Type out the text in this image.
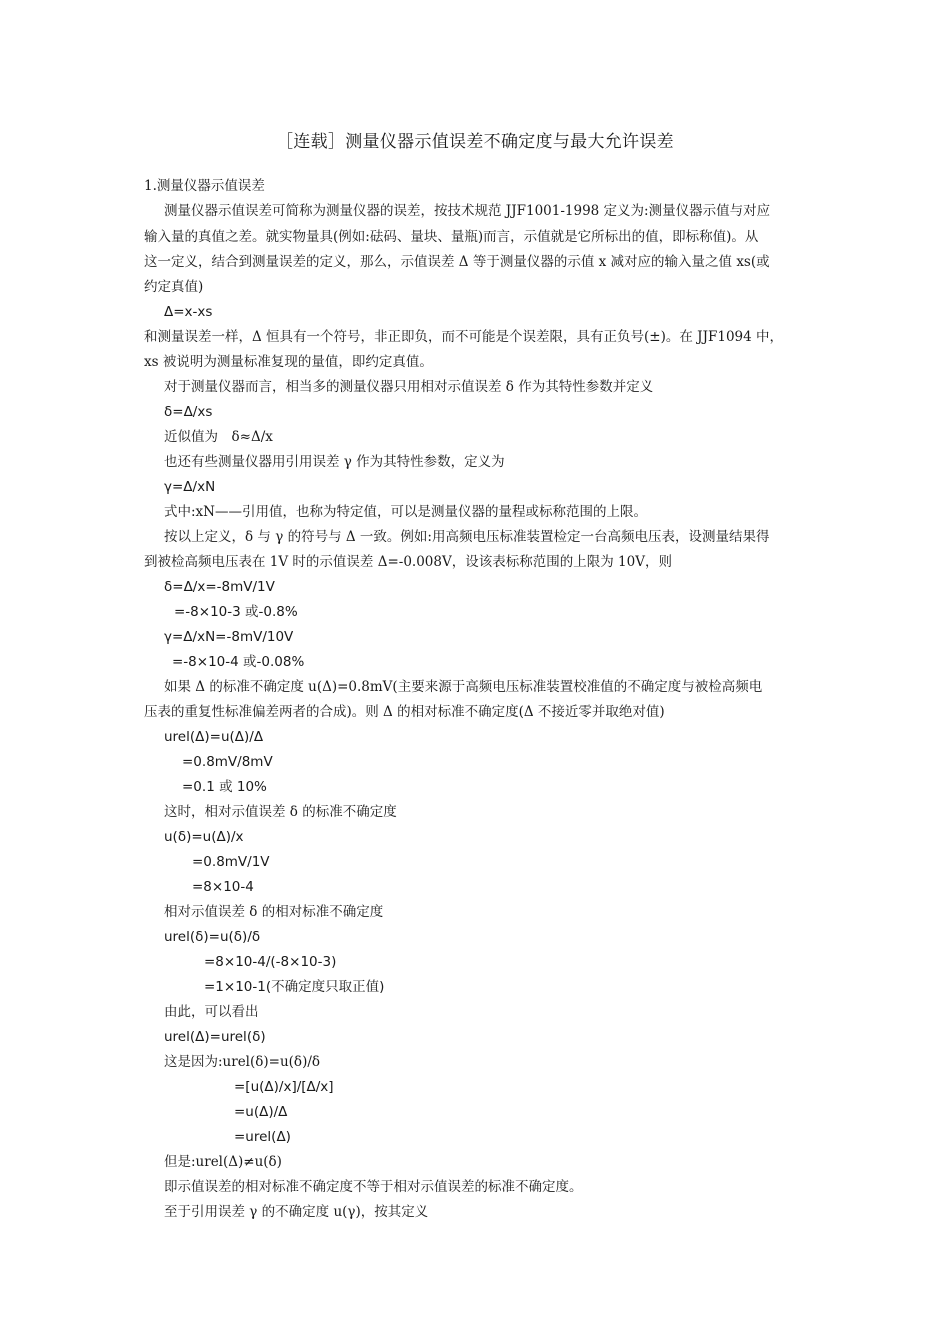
［连载］测量仪器示值误差不确定度与最大允许误差
1.测量仪器示值误差
测量仪器示值误差可简称为测量仪器的误差，按技术规范 JJF1001-1998 定义为:测量仪器示值与对应
输入量的真值之差。就实物量具(例如:砝码、量块、量瓶)而言，示值就是它所标出的值，即标称值)。从
这一定义，结合到测量误差的定义，那么，示值误差 Δ 等于测量仪器的示值 x 减对应的输入量之值 xs(或
约定真值)
Δ=x-xs
和测量误差一样，Δ 恒具有一个符号，非正即负，而不可能是个误差限，具有正负号(±)。在 JJF1094 中，
xs 被说明为测量标准复现的量值，即约定真值。
对于测量仪器而言，相当多的测量仪器只用相对示值误差 δ 作为其特性参数并定义
δ=Δ/xs
近似值为　δ≈Δ/x
也还有些测量仪器用引用误差 γ 作为其特性参数，定义为
γ=Δ/xN
式中:xN——引用值，也称为特定值，可以是测量仪器的量程或标称范围的上限。
按以上定义，δ 与 γ 的符号与 Δ 一致。例如:用高频电压标准装置检定一台高频电压表，设测量结果得
到被检高频电压表在 1V 时的示值误差 Δ=-0.008V，设该表标称范围的上限为 10V，则
δ=Δ/x=-8mV/1V
=-8×10-3 或-0.8%
γ=Δ/xN=-8mV/10V
=-8×10-4 或-0.08%
如果 Δ 的标准不确定度 u(Δ)=0.8mV(主要来源于高频电压标准装置校准值的不确定度与被检高频电
压表的重复性标准偏差两者的合成)。则 Δ 的相对标准不确定度(Δ 不接近零并取绝对值)
urel(Δ)=u(Δ)/Δ
=0.8mV/8mV
=0.1 或 10%
这时，相对示值误差 δ 的标准不确定度
u(δ)=u(Δ)/x
=0.8mV/1V
=8×10-4
相对示值误差 δ 的相对标准不确定度
urel(δ)=u(δ)/δ
=8×10-4/(-8×10-3)
=1×10-1(不确定度只取正值)
由此，可以看出
urel(Δ)=urel(δ)
这是因为:urel(δ)=u(δ)/δ
=[u(Δ)/x]/[Δ/x]
=u(Δ)/Δ
=urel(Δ)
但是:urel(Δ)≠u(δ)
即示值误差的相对标准不确定度不等于相对示值误差的标准不确定度。
至于引用误差 γ 的不确定度 u(γ)，按其定义
